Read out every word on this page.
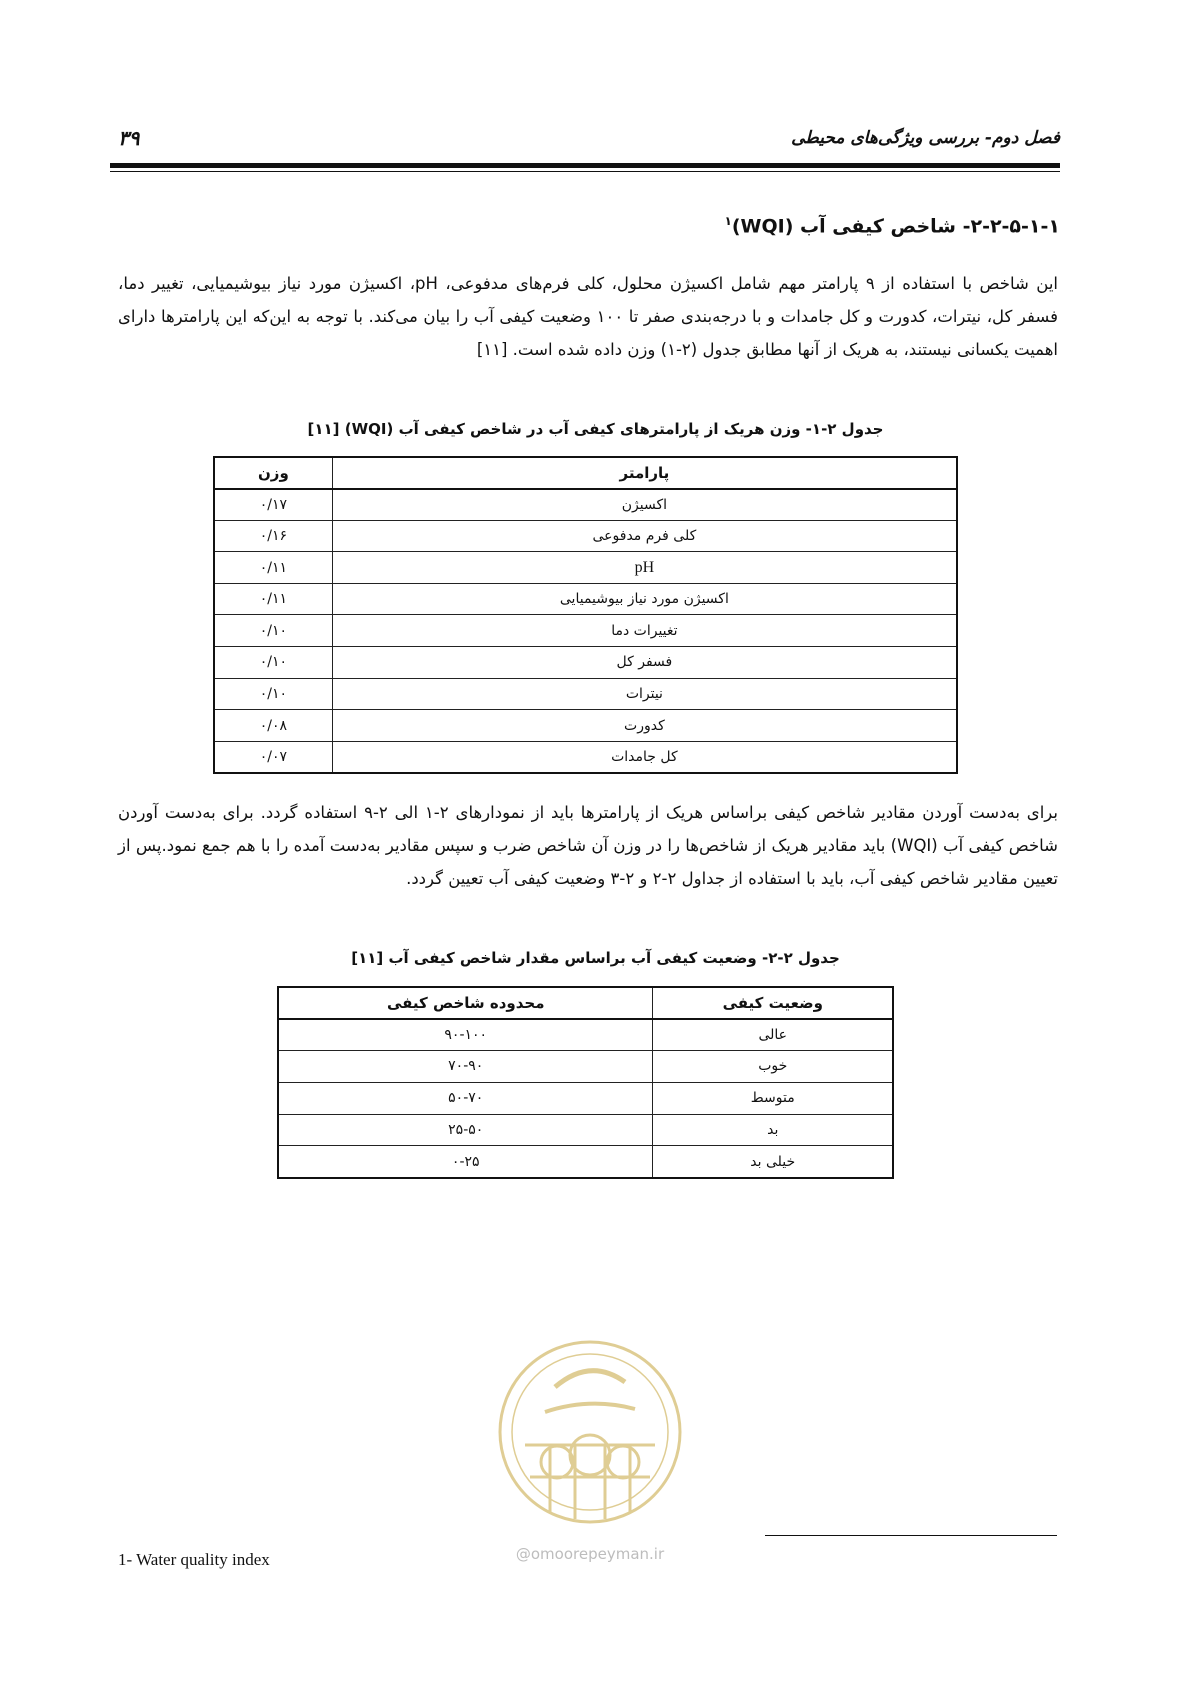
فصل دوم- بررسی ویژگی‌های محیطی
۳۹
۲-۲-۵-۱-۱- شاخص کیفی آب (WQI)$^۱$
این شاخص با استفاده از ۹ پارامتر مهم شامل اکسیژن محلول، کلی فرم‌های مدفوعی، pH، اکسیژن مورد نیاز بیوشیمیایی، تغییر دما، فسفر کل، نیترات، کدورت و کل جامدات و با درجه‌بندی صفر تا ۱۰۰ وضعیت کیفی آب را بیان می‌کند. با توجه به این‌که این پارامترها دارای اهمیت یکسانی نیستند، به هریک از آنها مطابق جدول (۲-۱) وزن داده شده است. [۱۱]
جدول ۲-۱- وزن هریک از پارامترهای کیفی آب در شاخص کیفی آب (WQI) [۱۱]
پارامتر	وزن
اکسیژن	۰/۱۷
کلی فرم مدفوعی	۰/۱۶
pH	۰/۱۱
اکسیژن مورد نیاز بیوشیمیایی	۰/۱۱
تغییرات دما	۰/۱۰
فسفر کل	۰/۱۰
نیترات	۰/۱۰
کدورت	۰/۰۸
کل جامدات	۰/۰۷
برای به‌دست آوردن مقادیر شاخص کیفی براساس هریک از پارامترها باید از نمودارهای ۲-۱ الی ۲-۹ استفاده گردد. برای به‌دست آوردن شاخص کیفی آب (WQI) باید مقادیر هریک از شاخص‌ها را در وزن آن شاخص ضرب و سپس مقادیر به‌دست آمده را با هم جمع نمود.پس از تعیین مقادیر شاخص کیفی آب، باید با استفاده از جداول ۲-۲ و ۲-۳ وضعیت کیفی آب تعیین گردد.
جدول ۲-۲- وضعیت کیفی آب براساس مقدار شاخص کیفی آب [۱۱]
وضعیت کیفی	محدوده شاخص کیفی
عالی	۹۰-۱۰۰
خوب	۷۰-۹۰
متوسط	۵۰-۷۰
بد	۲۵-۵۰
خیلی بد	۰-۲۵
@omoorepeyman.ir
1- Water quality index
